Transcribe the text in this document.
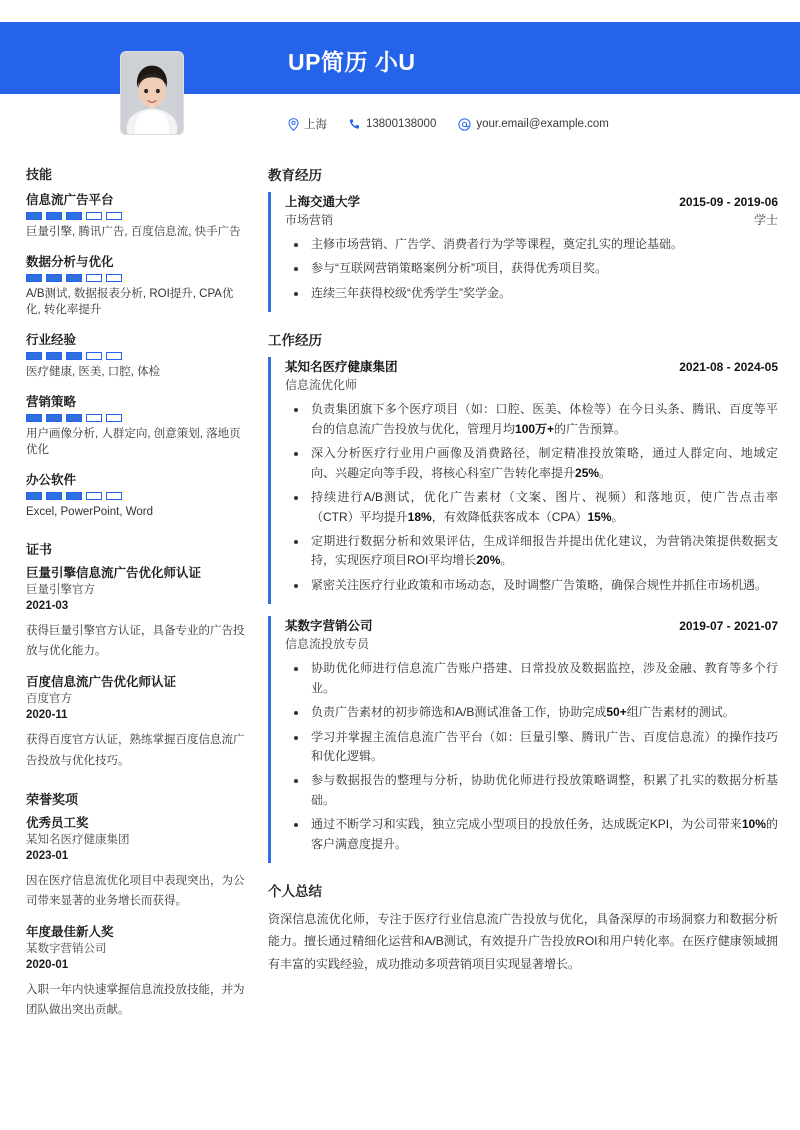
UP简历 小U
上海	13800138000	your.email@example.com
技能
信息流广告平台
巨量引擎, 腾讯广告, 百度信息流, 快手广告
数据分析与优化
A/B测试, 数据报表分析, ROI提升, CPA优化, 转化率提升
行业经验
医疗健康, 医美, 口腔, 体检
营销策略
用户画像分析, 人群定向, 创意策划, 落地页优化
办公软件
Excel, PowerPoint, Word
证书
巨量引擎信息流广告优化师认证
巨量引擎官方
2021-03
获得巨量引擎官方认证，具备专业的广告投放与优化能力。
百度信息流广告优化师认证
百度官方
2020-11
获得百度官方认证，熟练掌握百度信息流广告投放与优化技巧。
荣誉奖项
优秀员工奖
某知名医疗健康集团
2023-01
因在医疗信息流优化项目中表现突出，为公司带来显著的业务增长而获得。
年度最佳新人奖
某数字营销公司
2020-01
入职一年内快速掌握信息流投放技能，并为团队做出突出贡献。
教育经历
上海交通大学	2015-09 - 2019-06
市场营销	学士
主修市场营销、广告学、消费者行为学等课程，奠定扎实的理论基础。
参与“互联网营销策略案例分析”项目，获得优秀项目奖。
连续三年获得校级“优秀学生”奖学金。
工作经历
某知名医疗健康集团	2021-08 - 2024-05
信息流优化师
负责集团旗下多个医疗项目（如：口腔、医美、体检等）在今日头条、腾讯、百度等平台的信息流广告投放与优化，管理月均100万+的广告预算。
深入分析医疗行业用户画像及消费路径，制定精准投放策略，通过人群定向、地域定向、兴趣定向等手段，将核心科室广告转化率提升25%。
持续进行A/B测试，优化广告素材（文案、图片、视频）和落地页，使广告点击率（CTR）平均提升18%，有效降低获客成本（CPA）15%。
定期进行数据分析和效果评估，生成详细报告并提出优化建议，为营销决策提供数据支持，实现医疗项目ROI平均增长20%。
紧密关注医疗行业政策和市场动态，及时调整广告策略，确保合规性并抓住市场机遇。
某数字营销公司	2019-07 - 2021-07
信息流投放专员
协助优化师进行信息流广告账户搭建、日常投放及数据监控，涉及金融、教育等多个行业。
负责广告素材的初步筛选和A/B测试准备工作，协助完成50+组广告素材的测试。
学习并掌握主流信息流广告平台（如：巨量引擎、腾讯广告、百度信息流）的操作技巧和优化逻辑。
参与数据报告的整理与分析，协助优化师进行投放策略调整，积累了扎实的数据分析基础。
通过不断学习和实践，独立完成小型项目的投放任务，达成既定KPI，为公司带来10%的客户满意度提升。
个人总结
资深信息流优化师，专注于医疗行业信息流广告投放与优化，具备深厚的市场洞察力和数据分析能力。擅长通过精细化运营和A/B测试，有效提升广告投放ROI和用户转化率。在医疗健康领域拥有丰富的实践经验，成功推动多项营销项目实现显著增长。
